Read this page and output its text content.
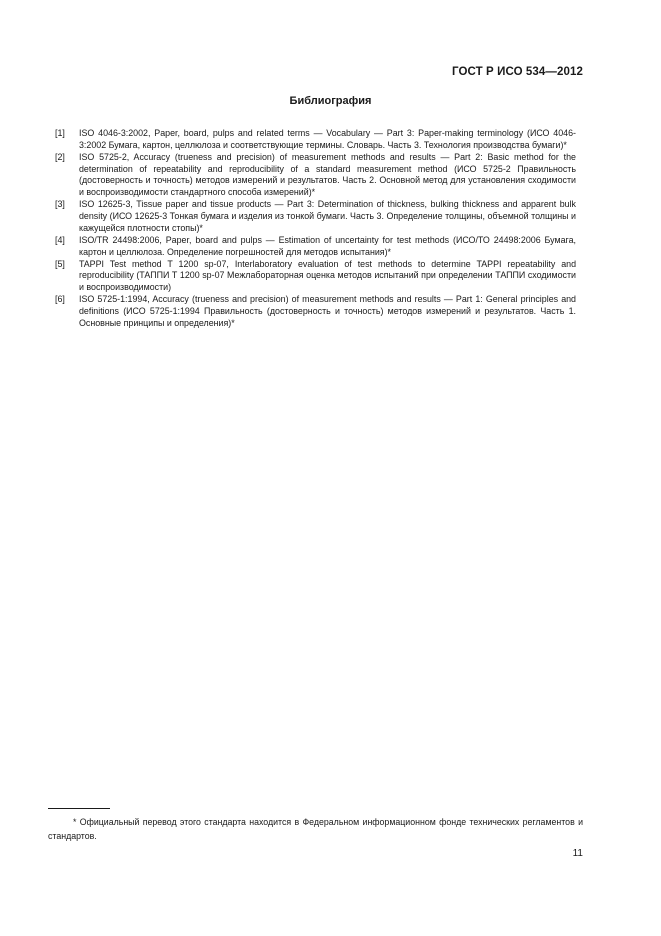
ГОСТ Р ИСО 534—2012
Библиография
[1]	ISO 4046-3:2002, Paper, board, pulps and related terms — Vocabulary — Part 3: Paper-making terminology (ИСО 4046-3:2002 Бумага, картон, целлюлоза и соответствующие термины. Словарь. Часть 3. Технология производства бумаги)*
[2]	ISO 5725-2, Accuracy (trueness and precision) of measurement methods and results — Part 2: Basic method for the determination of repeatability and reproducibility of a standard measurement method (ИСО 5725-2 Правильность (достоверность и точность) методов измерений и результатов. Часть 2. Основной метод для установления сходимости и воспроизводимости стандартного способа измерений)*
[3]	ISO 12625-3, Tissue paper and tissue products — Part 3: Determination of thickness, bulking thickness and apparent bulk density (ИСО 12625-3 Тонкая бумага и изделия из тонкой бумаги. Часть 3. Определение толщины, объемной толщины и кажущейся плотности стопы)*
[4]	ISO/TR 24498:2006, Paper, board and pulps — Estimation of uncertainty for test methods (ИСО/ТО 24498:2006 Бумага, картон и целлюлоза. Определение погрешностей для методов испытания)*
[5]	TAPPI Test method T 1200 sp-07, Interlaboratory evaluation of test methods to determine TAPPI repeatability and reproducibility (ТАППИ Т 1200 sp-07 Межлабораторная оценка методов испытаний при определении ТАППИ сходимости и воспроизводимости)
[6]	ISO 5725-1:1994, Accuracy (trueness and precision) of measurement methods and results — Part 1: General principles and definitions (ИСО 5725-1:1994 Правильность (достоверность и точность) методов измерений и результатов. Часть 1. Основные принципы и определения)*
* Официальный перевод этого стандарта находится в Федеральном информационном фонде технических регламентов и стандартов.
11
